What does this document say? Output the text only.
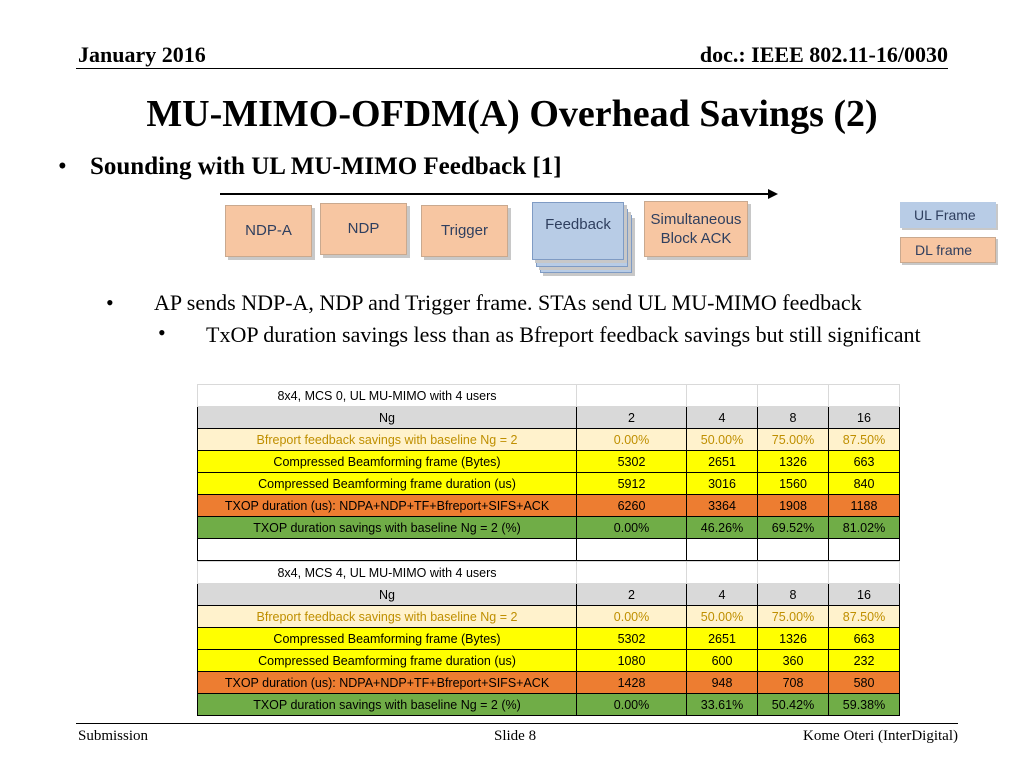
January 2016	doc.: IEEE 802.11-16/0030
MU-MIMO-OFDM(A) Overhead Savings (2)
• Sounding with UL MU-MIMO Feedback [1]
NDP-A	NDP	Trigger	Feedback	Simultaneous Block ACK
UL Frame
DL frame
• AP sends NDP-A, NDP and Trigger frame. STAs send UL MU-MIMO feedback
• TxOP duration savings less than as Bfreport feedback savings but still significant
8x4, MCS 0, UL MU-MIMO with 4 users				
Ng	2	4	8	16
Bfreport feedback savings with baseline Ng = 2	0.00%	50.00%	75.00%	87.50%
Compressed Beamforming frame (Bytes)	5302	2651	1326	663
Compressed Beamforming frame duration (us)	5912	3016	1560	840
TXOP duration (us): NDPA+NDP+TF+Bfreport+SIFS+ACK	6260	3364	1908	1188
TXOP duration savings with baseline Ng = 2 (%)	0.00%	46.26%	69.52%	81.02%

8x4, MCS 4, UL MU-MIMO with 4 users				
Ng	2	4	8	16
Bfreport feedback savings with baseline Ng = 2	0.00%	50.00%	75.00%	87.50%
Compressed Beamforming frame (Bytes)	5302	2651	1326	663
Compressed Beamforming frame duration (us)	1080	600	360	232
TXOP duration (us): NDPA+NDP+TF+Bfreport+SIFS+ACK	1428	948	708	580
TXOP duration savings with baseline Ng = 2 (%)	0.00%	33.61%	50.42%	59.38%
Submission	Slide 8	Kome Oteri (InterDigital)
